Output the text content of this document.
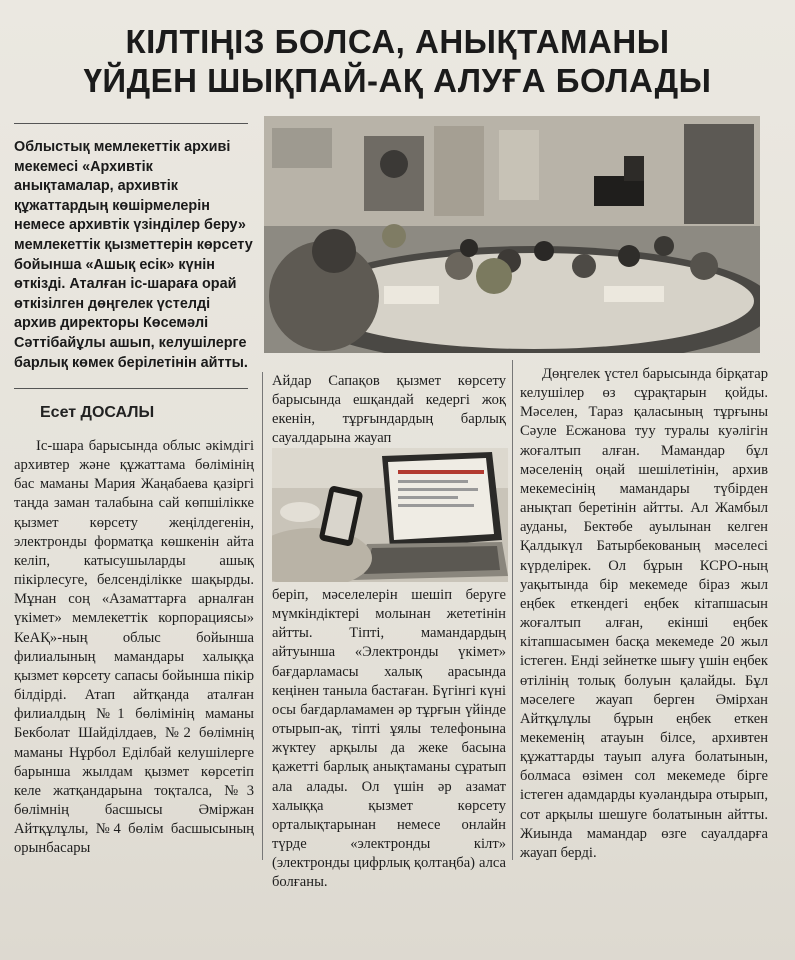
КІЛТІҢІЗ БОЛСА, АНЫҚТАМАНЫ
ҮЙДЕН ШЫҚПАЙ-АҚ АЛУҒА БОЛАДЫ
Облыстық мемлекеттік архиві мекемесі «Архивтік анықтамалар, архивтік құжаттардың көшірмелерін немесе архивтік үзінділер беру» мемлекеттік қызметтерін көрсету бойынша «Ашық есік» күнін өткізді. Аталған іс-шараға орай өткізілген дөңгелек үстелді архив директоры Көсемәлі Сәттібайұлы ашып, келушілерге барлық көмек берілетінін айтты.
Есет ДОСАЛЫ

Іс-шара барысында облыс әкімдігі архивтер және құжаттама бөлімінің бас маманы Мария Жаңабаева қазіргі таңда заман талабына сай көпшілікке қызмет көрсету жеңілдегенін, электронды форматқа көшкенін айта келіп, катысушыларды ашық пікірлесуге, белсенділікке шақырды. Мұнан соң «Азаматтарға арналған үкімет» мемлекеттік корпорациясы» КеАҚ»-ның облыс бойынша филиалының мамандары халыққа қызмет көрсету сапасы бойынша пікір білдірді. Атап айтқанда аталған филиалдың №1 бөлімінің маманы Бекболат Шайділдаев, №2 бөлімнің маманы Нұрбол Еділбай келушілерге барынша жылдам қызмет көрсетіп келе жатқандарына тоқталса, №3 бөлімнің басшысы Әміржан Айтқұлұлы, №4 бөлім басшысының орынбасары

Айдар Сапақов қызмет көрсету барысында ешқандай кедергі жоқ екенін, тұрғындардың барлық сауалдарына жауап

беріп, мәселелерін шешіп беруге мүмкіндіктері молынан жететінін айтты. Тіпті, мамандардың айтуынша «Электронды үкімет» бағдарламасы халық арасында кеңінен таныла бастаған. Бүгінгі күні осы бағдарламамен әр тұрғын үйінде отырып-ақ, тіпті ұялы телефонына жүктеу арқылы да жеке басына қажетті барлық анықтаманы сұратып ала алады. Ол үшін әр азамат халыққа қызмет көрсету орталықтарынан немесе онлайн түрде «электронды кілт» (электронды цифрлық қолтаңба) алса болғаны.

Дөңгелек үстел барысында бірқатар келушілер өз сұрақтарын қойды. Мәселен, Тараз қаласының тұрғыны Сәуле Есжанова туу туралы куәлігін жоғалтып алған. Мамандар бұл мәселенің оңай шешілетінін, архив мекемесінің мамандары түбірден анықтап беретінін айтты. Ал Жамбыл ауданы, Бектөбе ауылынан келген Қалдыкүл Батырбекованың мәселесі күрделірек. Ол бұрын КСРО-ның уақытында бір мекемеде біраз жыл еңбек еткендегі еңбек кітапшасын жоғалтып алған, екінші еңбек кітапшасымен басқа мекемеде 20 жыл істеген. Енді зейнетке шығу үшін еңбек өтілінің толық болуын қалайды. Бұл мәселеге жауап берген Әмірхан Айтқұлұлы бұрын еңбек еткен мекеменің атауын білсе, архивтен құжаттарды тауып алуға болатынын, болмаса өзімен сол мекемеде бірге істеген адамдарды куәландыра отырып, сот арқылы шешуге болатынын айтты. Жиында мамандар өзге сауалдарға жауап берді.
